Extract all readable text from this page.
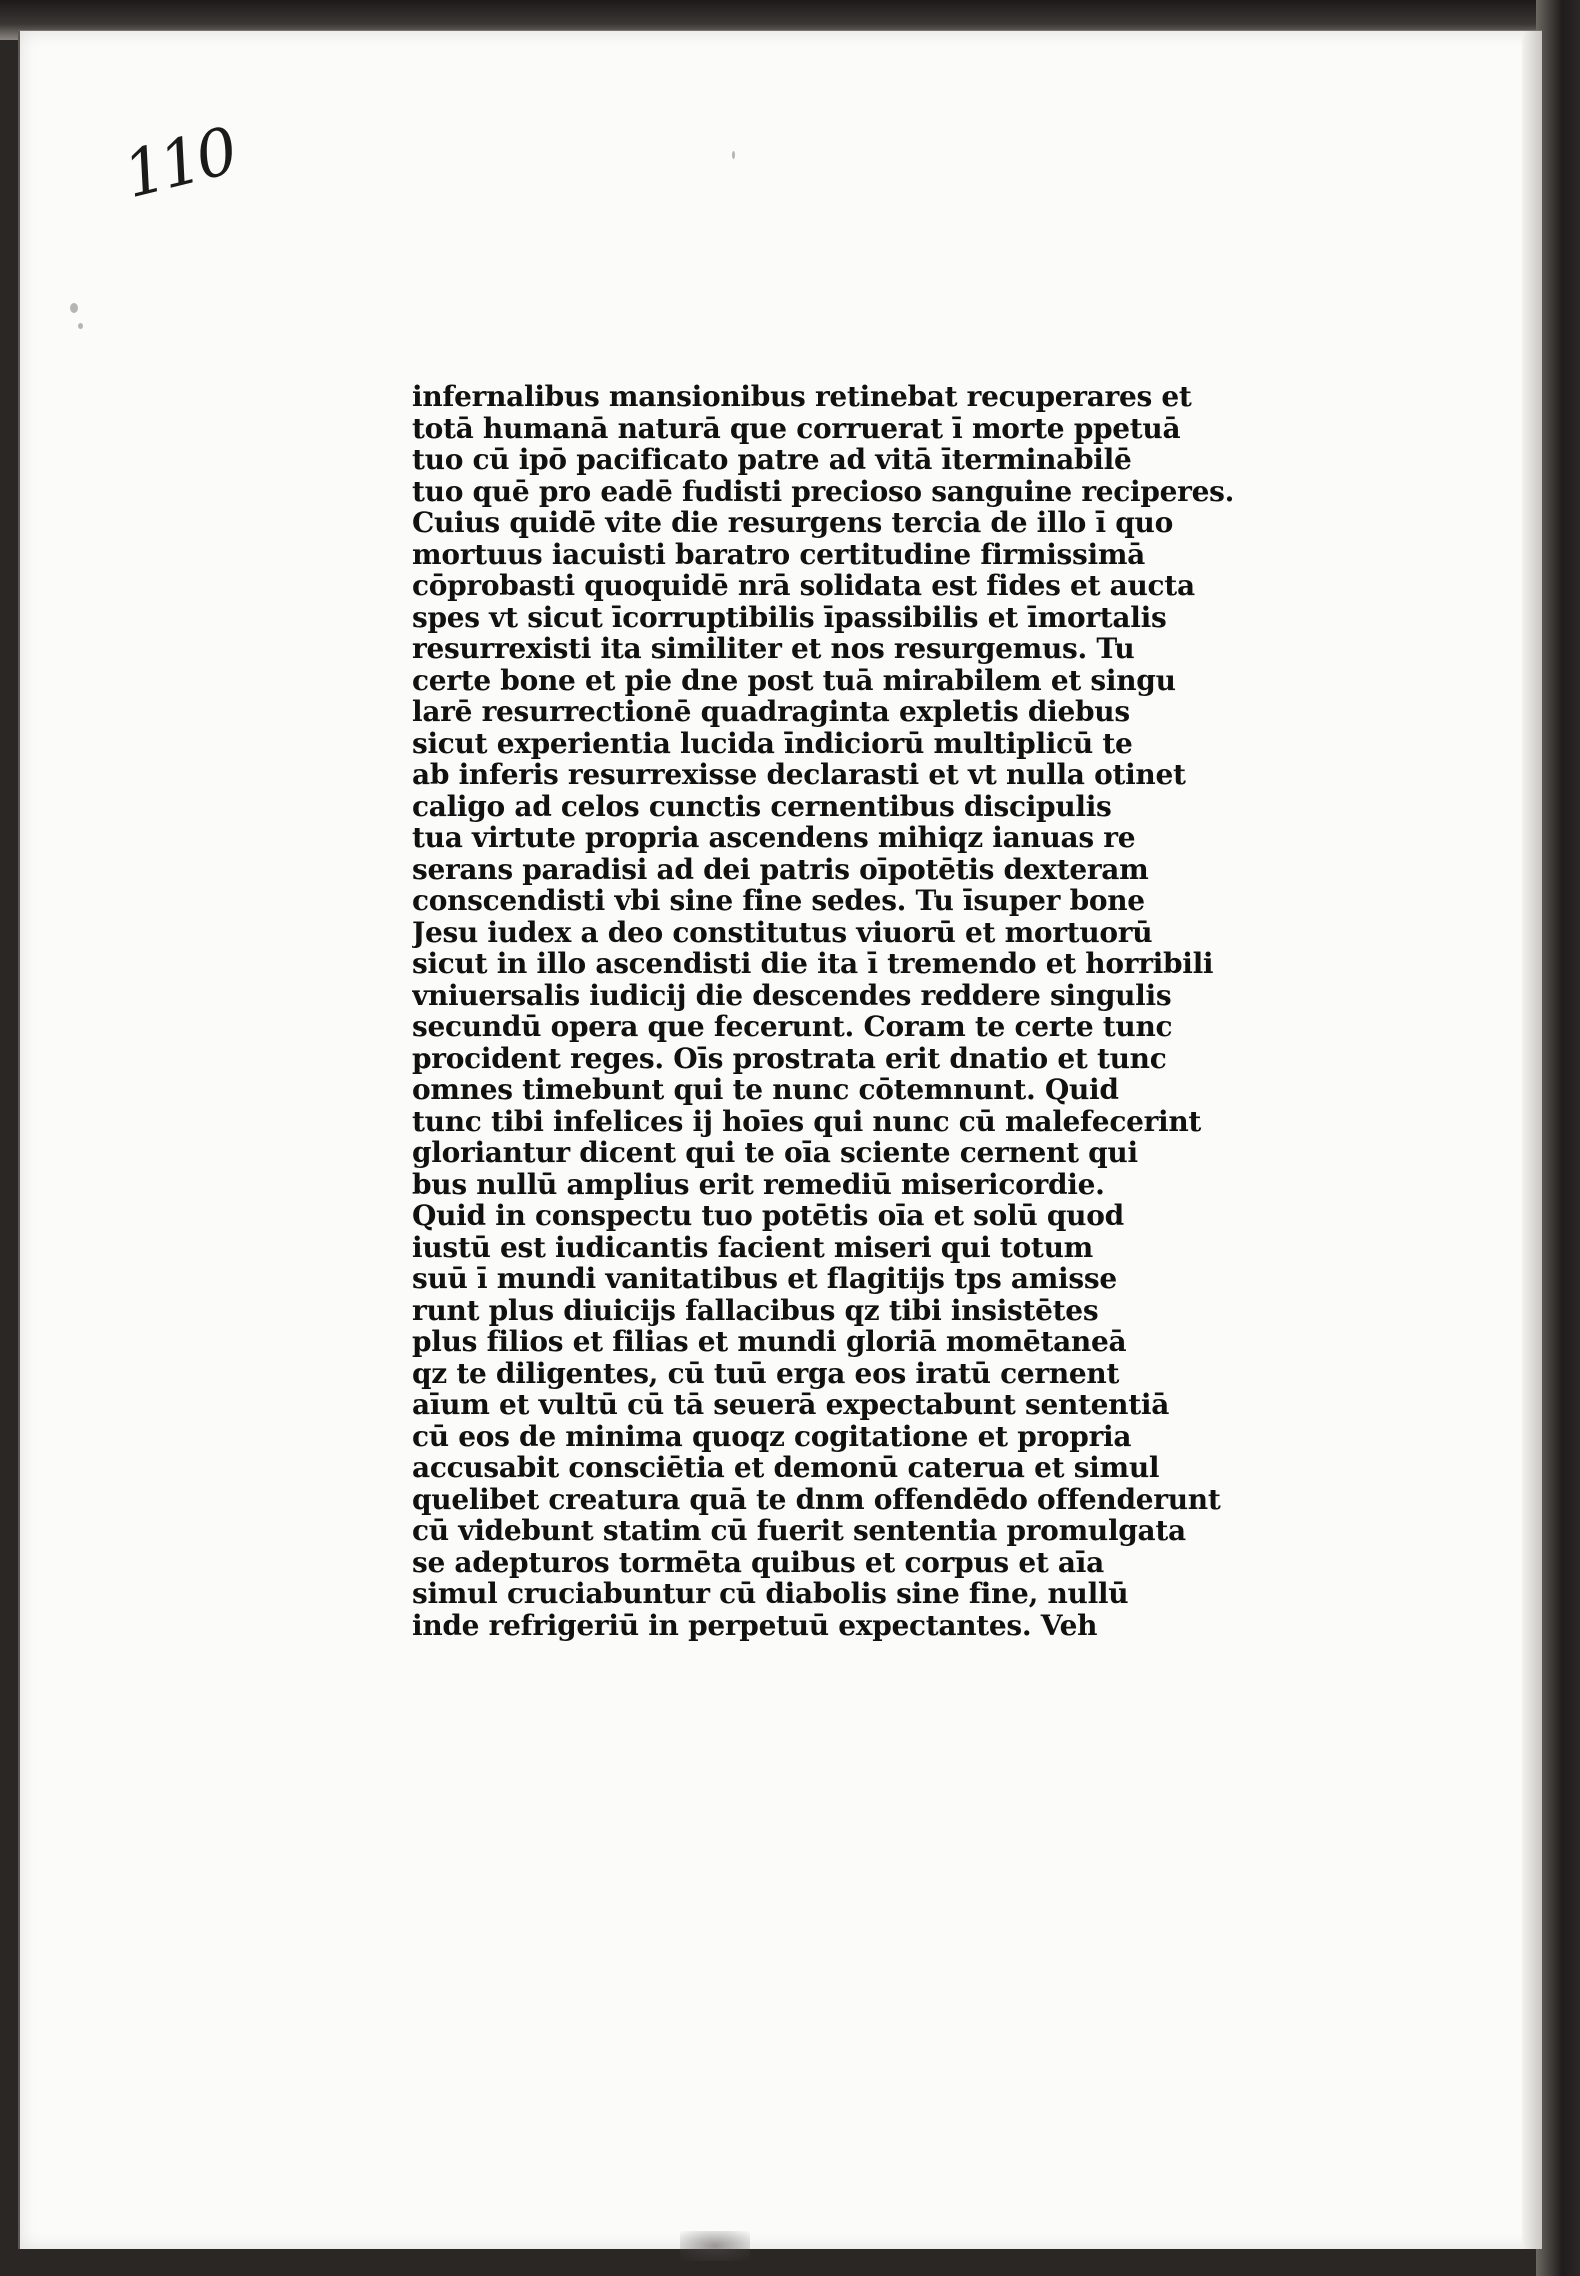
110
infernalibus mansionibus retinebat recuperares et
totā humanā naturā que corruerat ī morte ppetuā
tuo cū ipō pacificato patre ad vitā īterminabilē
tuo quē pro eadē fudisti precioso sanguine reciperes.
Cuius quidē vite die resurgens tercia de illo ī quo
mortuus iacuisti baratro certitudine firmissimā
cōprobasti quoquidē nrā solidata est fides et aucta
spes vt sicut īcorruptibilis īpassibilis et īmortalis
resurrexisti ita similiter et nos resurgemus. Tu
certe bone et pie dne post tuā mirabilem et singu
larē resurrectionē quadraginta expletis diebus
sicut experientia lucida īndiciorū multiplicū te
ab inferis resurrexisse declarasti et vt nulla otinet
caligo ad celos cunctis cernentibus discipulis
tua virtute propria ascendens mihiqz ianuas re
serans paradisi ad dei patris oīpotētis dexteram
conscendisti vbi sine fine sedes. Tu īsuper bone
Jesu iudex a deo constitutus viuorū et mortuorū
sicut in illo ascendisti die ita ī tremendo et horribili
vniuersalis iudicij die descendes reddere singulis
secundū opera que fecerunt. Coram te certe tunc
procident reges. Oīs prostrata erit dnatio et tunc
omnes timebunt qui te nunc cōtemnunt. Quid
tunc tibi infelices ij hoīes qui nunc cū malefecerint
gloriantur dicent qui te oīa sciente cernent qui
bus nullū amplius erit remediū misericordie.
Quid in conspectu tuo potētis oīa et solū quod
iustū est iudicantis facient miseri qui totum
suū ī mundi vanitatibus et flagitijs tps amisse
runt plus diuicijs fallacibus qz tibi insistētes
plus filios et filias et mundi gloriā momētaneā
qz te diligentes, cū tuū erga eos iratū cernent
aīum et vultū cū tā seuerā expectabunt sententiā
cū eos de minima quoqz cogitatione et propria
accusabit consciētia et demonū caterua et simul
quelibet creatura quā te dnm offendēdo offenderunt
cū videbunt statim cū fuerit sententia promulgata
se adepturos tormēta quibus et corpus et aīa
simul cruciabuntur cū diabolis sine fine, nullū
inde refrigeriū in perpetuū expectantes. Veh
